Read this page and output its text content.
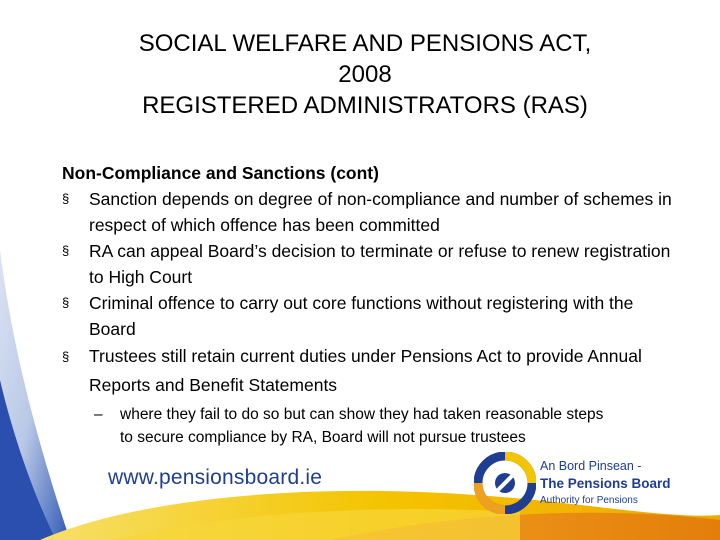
SOCIAL WELFARE AND PENSIONS ACT,
2008
REGISTERED ADMINISTRATORS (RAS)
Non-Compliance and Sanctions (cont)
§ Sanction depends on degree of non-compliance and number of schemes in respect of which offence has been committed
§ RA can appeal Board’s decision to terminate or refuse to renew registration to High Court
§ Criminal offence to carry out core functions without registering with the Board
§ Trustees still retain current duties under Pensions Act to provide Annual Reports and Benefit Statements
– where they fail to do so but can show they had taken reasonable steps to secure compliance by RA, Board will not pursue trustees
www.pensionsboard.ie	An Bord Pinsean -
The Pensions Board
Authority for Pensions
